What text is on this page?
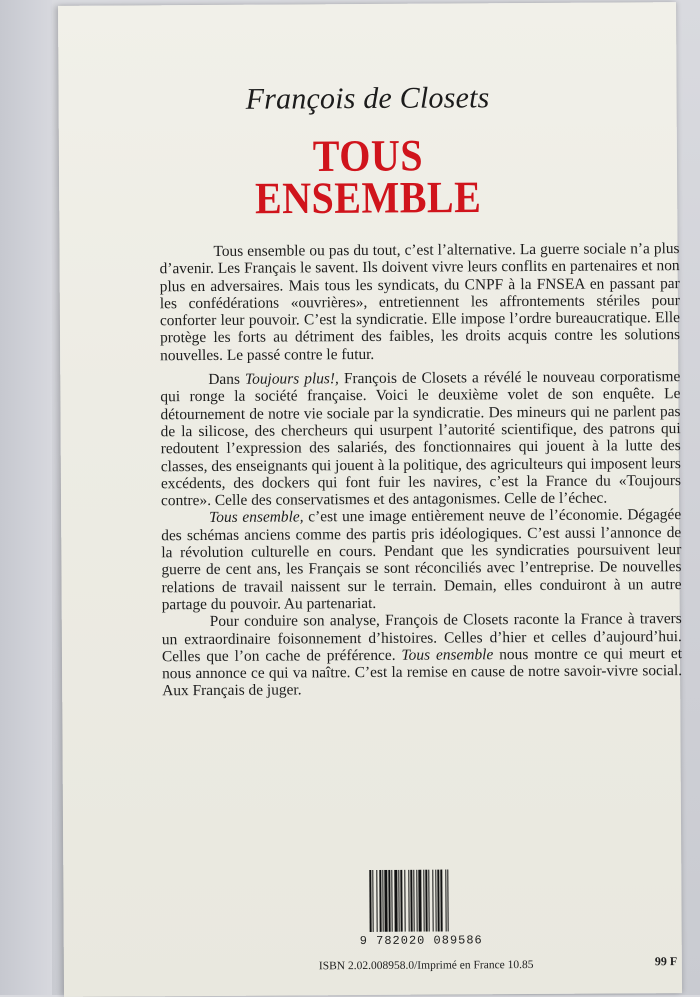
François de Closets
TOUS
ENSEMBLE

Tous ensemble ou pas du tout, c’est l’alternative. La guerre sociale n’a plus d’avenir. Les Français le savent. Ils doivent vivre leurs conflits en partenaires et non plus en adversaires. Mais tous les syndicats, du CNPF à la FNSEA en passant par les confédérations «ouvrières», entretiennent les affrontements stériles pour conforter leur pouvoir. C’est la syndicratie. Elle impose l’ordre bureaucratique. Elle protège les forts au détriment des faibles, les droits acquis contre les solutions nouvelles. Le passé contre le futur.

Dans Toujours plus!, François de Closets a révélé le nouveau corporatisme qui ronge la société française. Voici le deuxième volet de son enquête. Le détournement de notre vie sociale par la syndicratie. Des mineurs qui ne parlent pas de la silicose, des chercheurs qui usurpent l’autorité scientifique, des patrons qui redoutent l’expression des salariés, des fonctionnaires qui jouent à la lutte des classes, des enseignants qui jouent à la politique, des agriculteurs qui imposent leurs excédents, des dockers qui font fuir les navires, c’est la France du «Toujours contre». Celle des conservatismes et des antagonismes. Celle de l’échec.

Tous ensemble, c’est une image entièrement neuve de l’économie. Dégagée des schémas anciens comme des partis pris idéologiques. C’est aussi l’annonce de la révolution culturelle en cours. Pendant que les syndicraties poursuivent leur guerre de cent ans, les Français se sont réconciliés avec l’entreprise. De nouvelles relations de travail naissent sur le terrain. Demain, elles conduiront à un autre partage du pouvoir. Au partenariat.

Pour conduire son analyse, François de Closets raconte la France à travers un extraordinaire foisonnement d’histoires. Celles d’hier et celles d’aujourd’hui. Celles que l’on cache de préférence. Tous ensemble nous montre ce qui meurt et nous annonce ce qui va naître. C’est la remise en cause de notre savoir-vivre social. Aux Français de juger.

9 782020 089586
ISBN 2.02.008958.0/Imprimé en France 10.85	99 F
